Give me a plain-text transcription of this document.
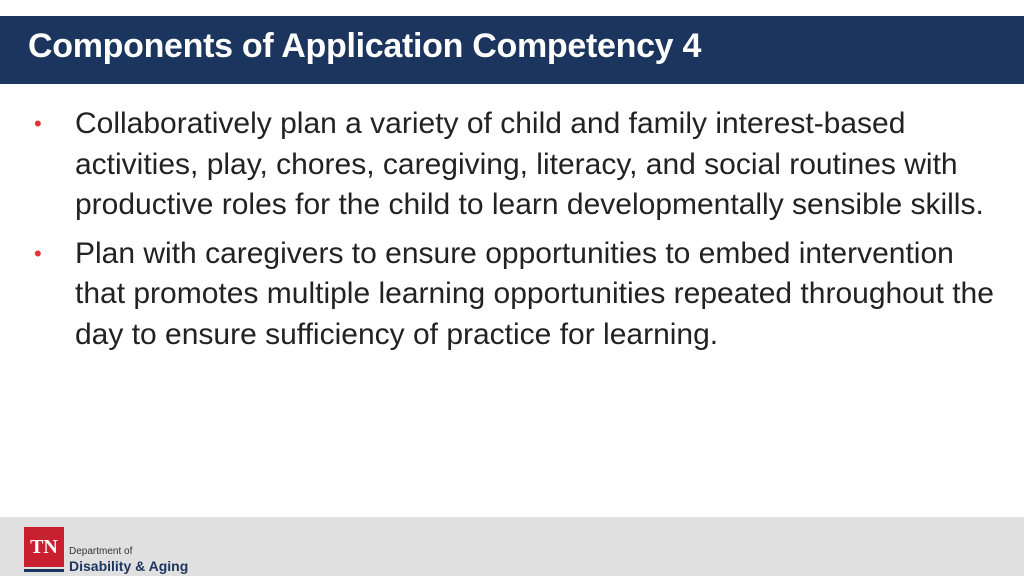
Components of Application Competency 4
• Collaboratively plan a variety of child and family interest-based activities, play, chores, caregiving, literacy, and social routines with productive roles for the child to learn developmentally sensible skills.
• Plan with caregivers to ensure opportunities to embed intervention that promotes multiple learning opportunities repeated throughout the day to ensure sufficiency of practice for learning.
TN	Department of
Disability & Aging
